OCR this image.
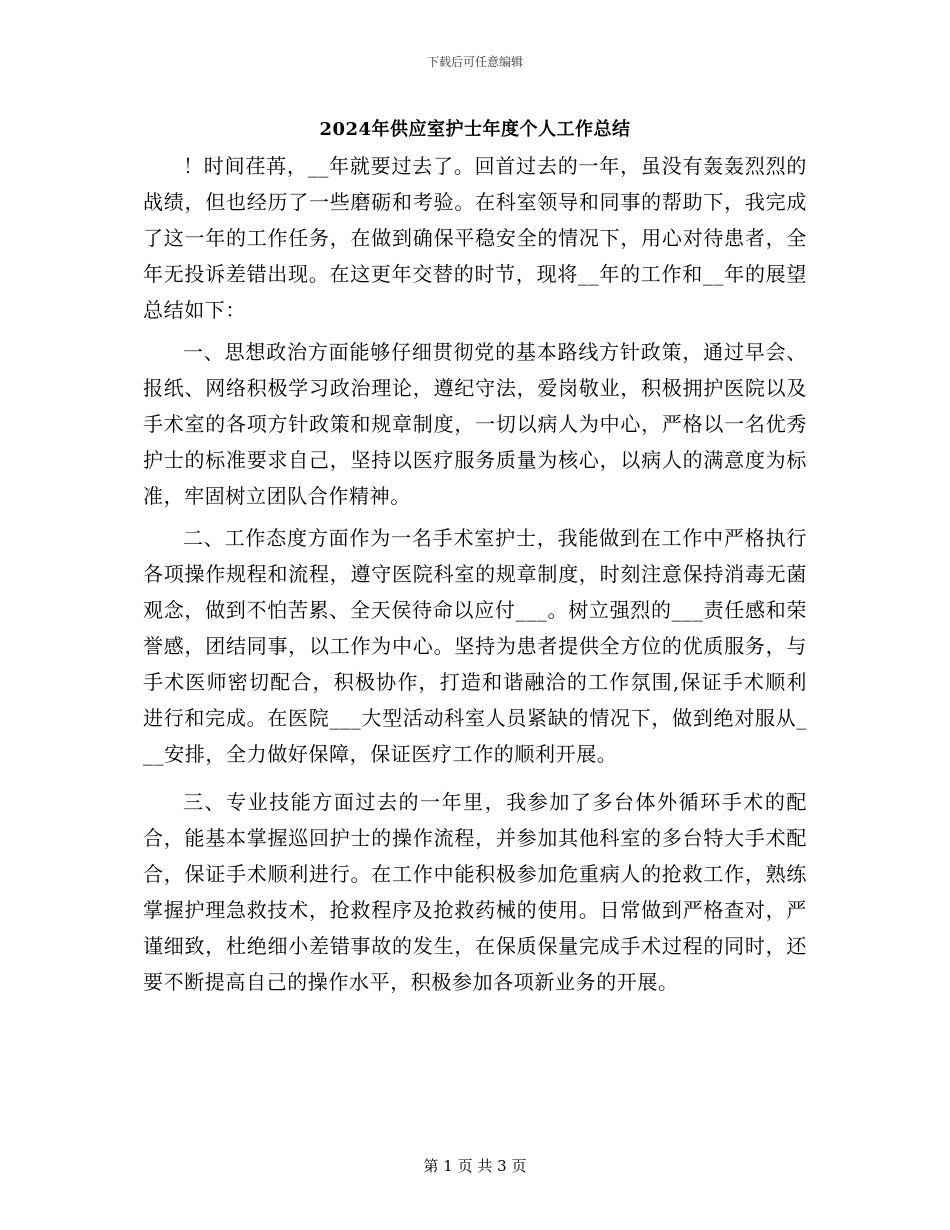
下载后可任意编辑
2024年供应室护士年度个人工作总结

！时间荏苒，__年就要过去了。回首过去的一年，虽没有轰轰烈烈的战绩，但也经历了一些磨砺和考验。在科室领导和同事的帮助下，我完成了这一年的工作任务，在做到确保平稳安全的情况下，用心对待患者，全年无投诉差错出现。在这更年交替的时节，现将__年的工作和__年的展望总结如下：

一、思想政治方面能够仔细贯彻党的基本路线方针政策，通过早会、报纸、网络积极学习政治理论，遵纪守法，爱岗敬业，积极拥护医院以及手术室的各项方针政策和规章制度，一切以病人为中心，严格以一名优秀护士的标准要求自己，坚持以医疗服务质量为核心，以病人的满意度为标准，牢固树立团队合作精神。

二、工作态度方面作为一名手术室护士，我能做到在工作中严格执行各项操作规程和流程，遵守医院科室的规章制度，时刻注意保持消毒无菌观念，做到不怕苦累、全天侯待命以应付___。树立强烈的___责任感和荣誉感，团结同事，以工作为中心。坚持为患者提供全方位的优质服务，与手术医师密切配合，积极协作，打造和谐融洽的工作氛围,保证手术顺利进行和完成。在医院___大型活动科室人员紧缺的情况下，做到绝对服从___安排，全力做好保障，保证医疗工作的顺利开展。

三、专业技能方面过去的一年里，我参加了多台体外循环手术的配合，能基本掌握巡回护士的操作流程，并参加其他科室的多台特大手术配合，保证手术顺利进行。在工作中能积极参加危重病人的抢救工作，熟练掌握护理急救技术，抢救程序及抢救药械的使用。日常做到严格查对，严谨细致，杜绝细小差错事故的发生，在保质保量完成手术过程的同时，还要不断提高自己的操作水平，积极参加各项新业务的开展。

第 1 页 共 3 页
